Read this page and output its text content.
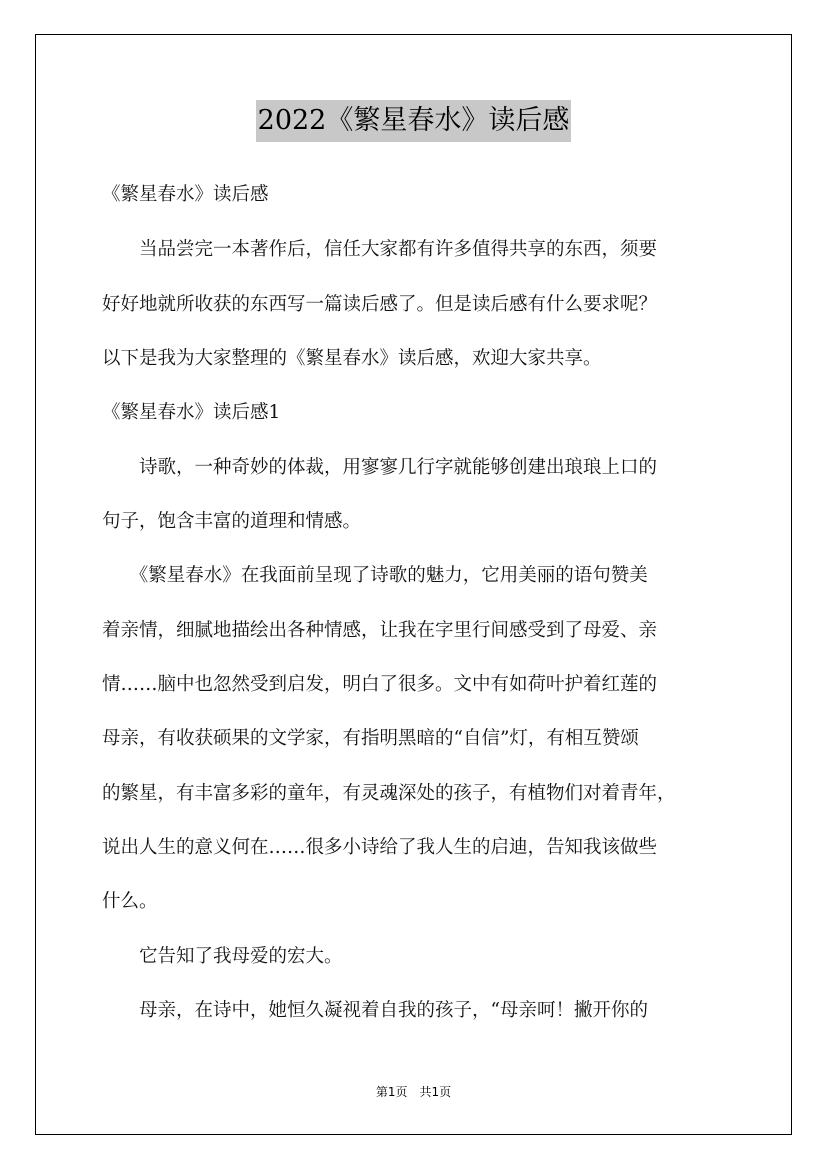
2022《繁星春水》读后感
《繁星春水》读后感
　　当品尝完一本著作后，信任大家都有许多值得共享的东西，须要
好好地就所收获的东西写一篇读后感了。但是读后感有什么要求呢？
以下是我为大家整理的《繁星春水》读后感，欢迎大家共享。
《繁星春水》读后感1
　　诗歌，一种奇妙的体裁，用寥寥几行字就能够创建出琅琅上口的
句子，饱含丰富的道理和情感。
　　《繁星春水》在我面前呈现了诗歌的魅力，它用美丽的语句赞美
着亲情，细腻地描绘出各种情感，让我在字里行间感受到了母爱、亲
情……脑中也忽然受到启发，明白了很多。文中有如荷叶护着红莲的
母亲，有收获硕果的文学家，有指明黑暗的“自信”灯，有相互赞颂
的繁星，有丰富多彩的童年，有灵魂深处的孩子，有植物们对着青年，
说出人生的意义何在……很多小诗给了我人生的启迪，告知我该做些
什么。
　　它告知了我母爱的宏大。
　　母亲，在诗中，她恒久凝视着自我的孩子，“母亲呵！撇开你的
第1页　共1页
